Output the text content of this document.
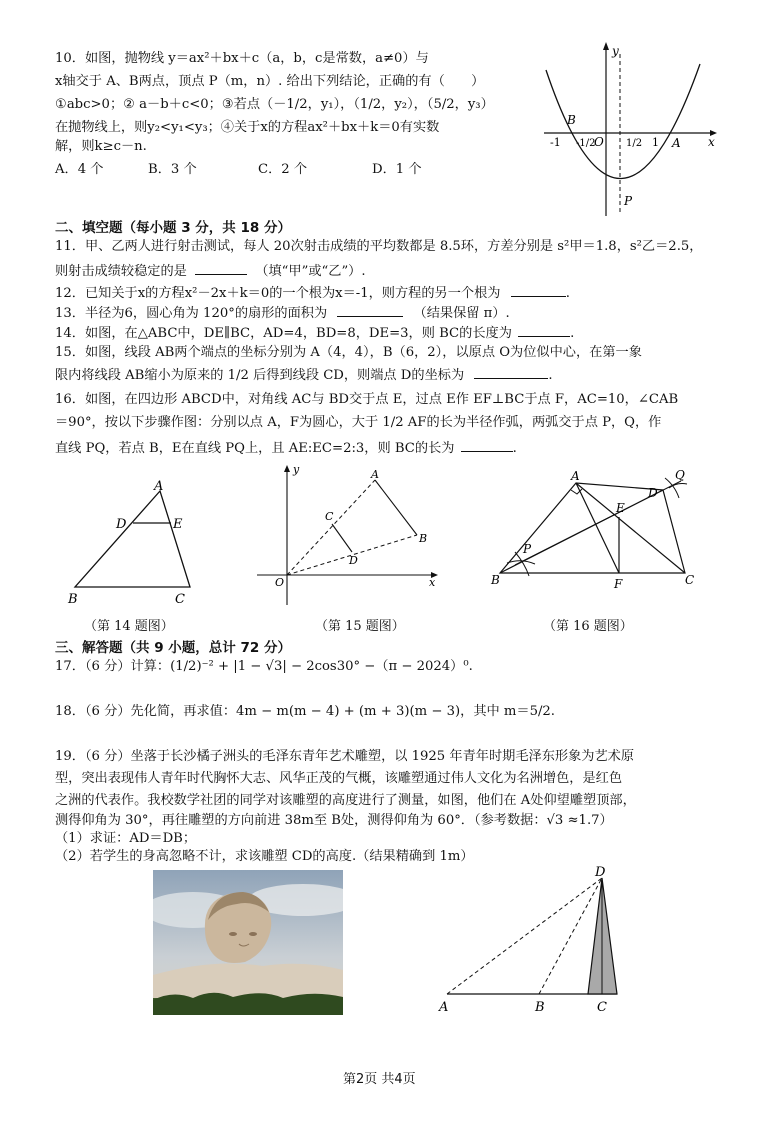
10．如图，抛物线 y＝ax²＋bx＋c（a，b，c是常数，a≠0）与
x轴交于 A、B两点，顶点 P（m，n）. 给出下列结论，正确的有（　　）
①abc>0；② a－b＋c<0；③若点（－1/2，y₁），（1/2，y₂），（5/2，y₃）
在抛物线上，则y₂<y₁<y₃；④关于x的方程ax²＋bx＋k＝0有实数
解，则k≥c－n.
A．4 个	B．3 个	C．2 个	D．1 个
y
x
B
O	A
P
-1 -1/2	1/2 1
二、填空题（每小题 3 分，共 18 分）
11．甲、乙两人进行射击测试，每人 20次射击成绩的平均数都是 8.5环，方差分别是 s²甲＝1.8，s²乙＝2.5，
则射击成绩较稳定的是	（填“甲”或“乙”）.
12．已知关于x的方程x²－2x＋k＝0的一个根为x＝-1，则方程的另一个根为	.
13．半径为6，圆心角为 120°的扇形的面积为	（结果保留 π）.
14．如图，在△ABC中，DE∥BC，AD=4，BD=8，DE=3，则 BC的长度为	.
15．如图，线段 AB两个端点的坐标分别为 A（4，4），B（6，2），以原点 O为位似中心，在第一象
限内将线段 AB缩小为原来的 1/2 后得到线段 CD，则端点 D的坐标为	.
16．如图，在四边形 ABCD中，对角线 AC与 BD交于点 E，过点 E作 EF⊥BC于点 F，AC=10，∠CAB
＝90°，按以下步骤作图：分别以点 A，F为圆心，大于 1/2 AF的长为半径作弧，两弧交于点 P，Q，作
直线 PQ，若点 B，E在直线 PQ上，且 AE:EC=2:3，则 BC的长为	.
A
D	E
B	C
（第 14 题图）
y
x
O
A
B
C
D
（第 15 题图）
A	Q
D
E
P
B	F	C
（第 16 题图）
三、解答题（共 9 小题，总计 72 分）
17．（6 分）计算：(1/2)⁻² + |1 − √3| − 2cos30° −（π − 2024）⁰.
18．（6 分）先化简，再求值：4m − m(m − 4) + (m + 3)(m − 3)，其中 m＝5/2.
19．（6 分）坐落于长沙橘子洲头的毛泽东青年艺术雕塑，以 1925 年青年时期毛泽东形象为艺术原
型，突出表现伟人青年时代胸怀大志、风华正茂的气概，该雕塑通过伟人文化为名洲增色，是红色
之洲的代表作。我校数学社团的同学对该雕塑的高度进行了测量，如图，他们在 A处仰望雕塑顶部，
测得仰角为 30°，再往雕塑的方向前进 38m至 B处，测得仰角为 60°．（参考数据：√3 ≈1.7）
（1）求证：AD＝DB；
（2）若学生的身高忽略不计，求该雕塑 CD的高度.（结果精确到 1m）
D
A	B	C
第2页 共4页
